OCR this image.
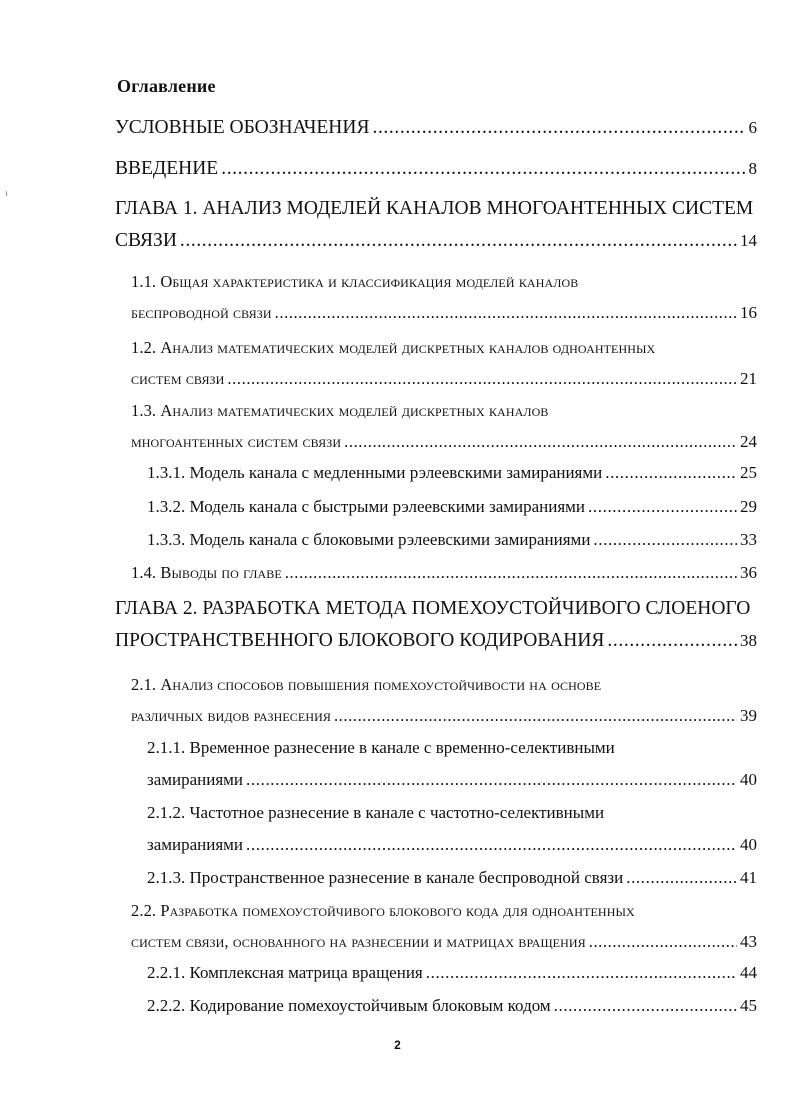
Оглавление
УСЛОВНЫЕ ОБОЗНАЧЕНИЯ .....	6
ВВЕДЕНИЕ .....	8
ГЛАВА 1. АНАЛИЗ МОДЕЛЕЙ КАНАЛОВ МНОГОАНТЕННЫХ СИСТЕМ
СВЯЗИ .....	14
1.1. Общая характеристика и классификация моделей каналов
беспроводной связи .....	16
1.2. Анализ математических моделей дискретных каналов одноантенных
систем связи .....	21
1.3. Анализ математических моделей дискретных каналов
многоантенных систем связи .....	24
1.3.1. Модель канала с медленными рэлеевскими замираниями .....	25
1.3.2. Модель канала с быстрыми рэлеевскими замираниями .....	29
1.3.3. Модель канала с блоковыми рэлеевскими замираниями .....	33
1.4. Выводы по главе .....	36
ГЛАВА 2. РАЗРАБОТКА МЕТОДА ПОМЕХОУСТОЙЧИВОГО СЛОЕНОГО
ПРОСТРАНСТВЕННОГО БЛОКОВОГО КОДИРОВАНИЯ .....	38
2.1. Анализ способов повышения помехоустойчивости на основе
различных видов разнесения .....	39
2.1.1. Временное разнесение в канале с временно-селективными
замираниями .....	40
2.1.2. Частотное разнесение в канале с частотно-селективными
замираниями .....	40
2.1.3. Пространственное разнесение в канале беспроводной связи .....	41
2.2. Разработка помехоустойчивого блокового кода для одноантенных
систем связи, основанного на разнесении и матрицах вращения .....	43
2.2.1. Комплексная матрица вращения .....	44
2.2.2. Кодирование помехоустойчивым блоковым кодом .....	45
2
